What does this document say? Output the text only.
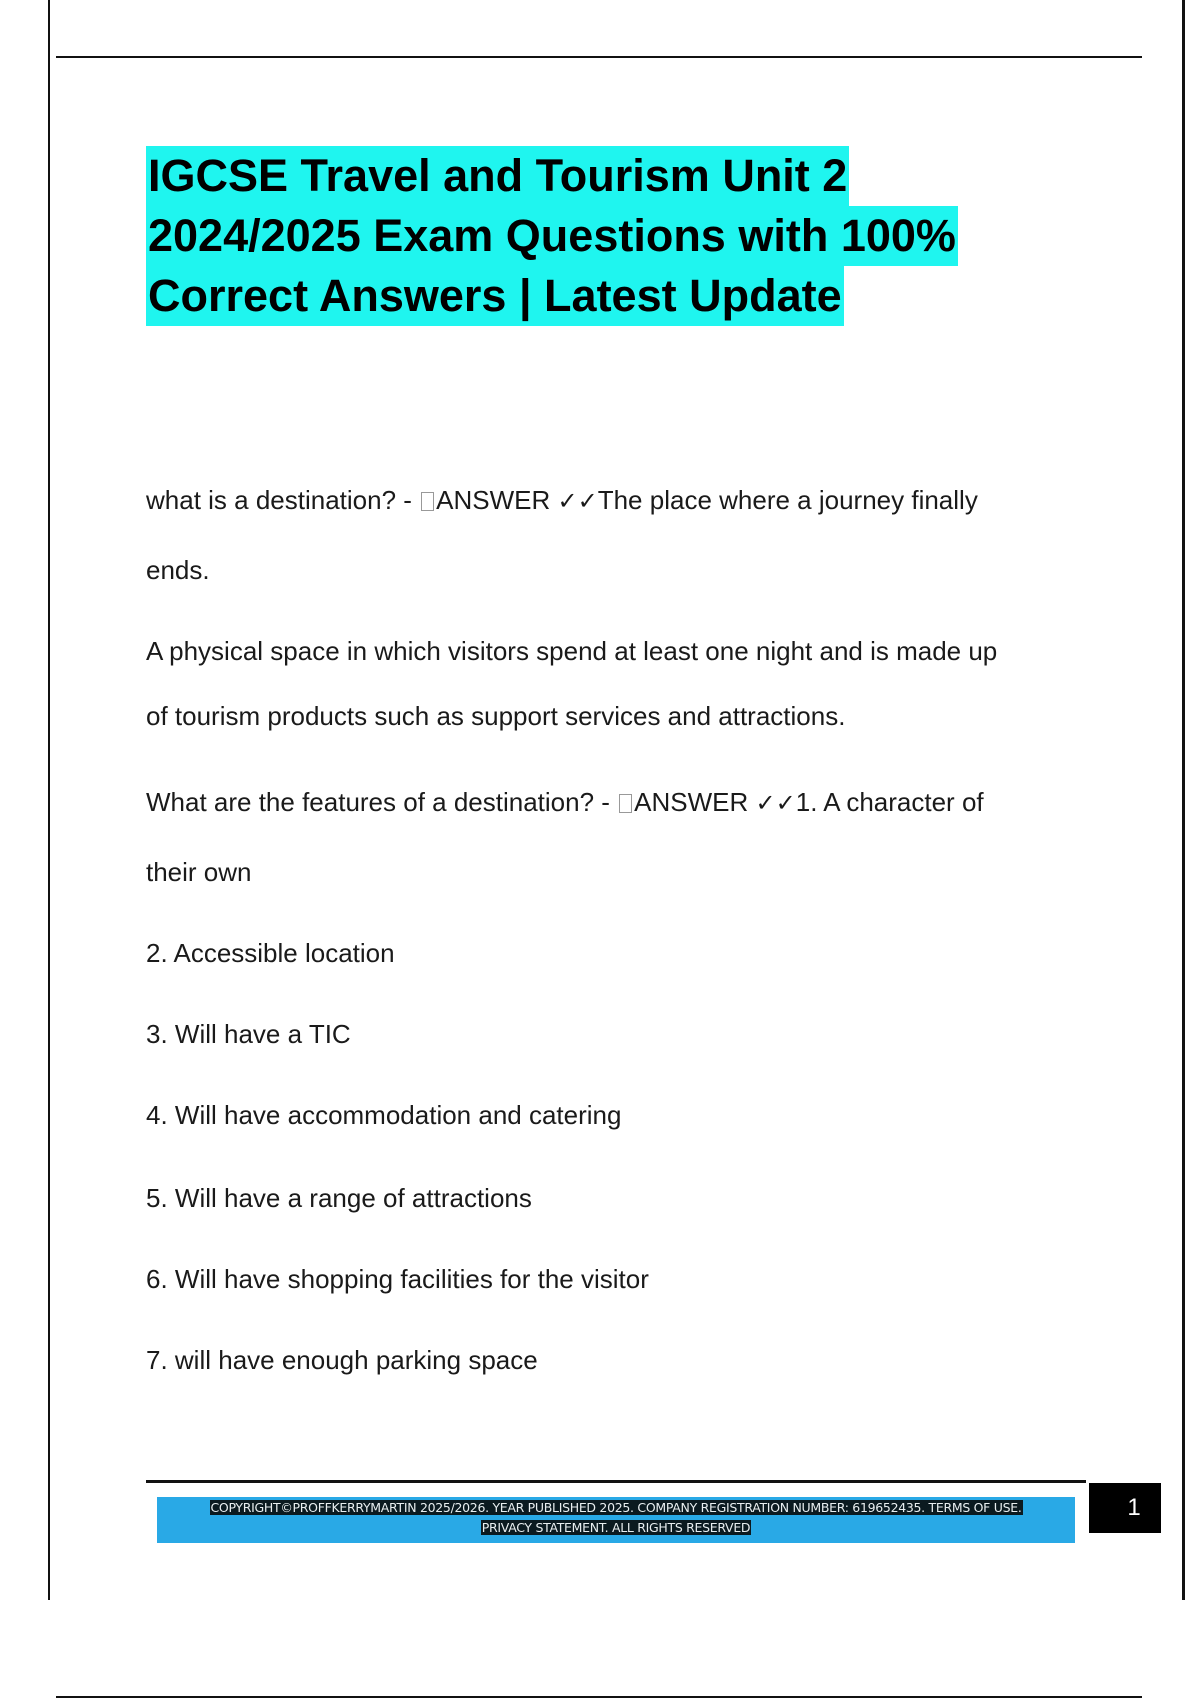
IGCSE Travel and Tourism Unit 2
2024/2025 Exam Questions with 100%
Correct Answers | Latest Update
what is a destination? - ANSWER ✓✓The place where a journey finally
ends.
A physical space in which visitors spend at least one night and is made up
of tourism products such as support services and attractions.
What are the features of a destination? - ANSWER ✓✓1. A character of
their own
2. Accessible location
3. Will have a TIC
4. Will have accommodation and catering
5. Will have a range of attractions
6. Will have shopping facilities for the visitor
7. will have enough parking space
COPYRIGHT©PROFFKERRYMARTIN 2025/2026. YEAR PUBLISHED 2025. COMPANY REGISTRATION NUMBER: 619652435. TERMS OF USE.
PRIVACY STATEMENT. ALL RIGHTS RESERVED
1
